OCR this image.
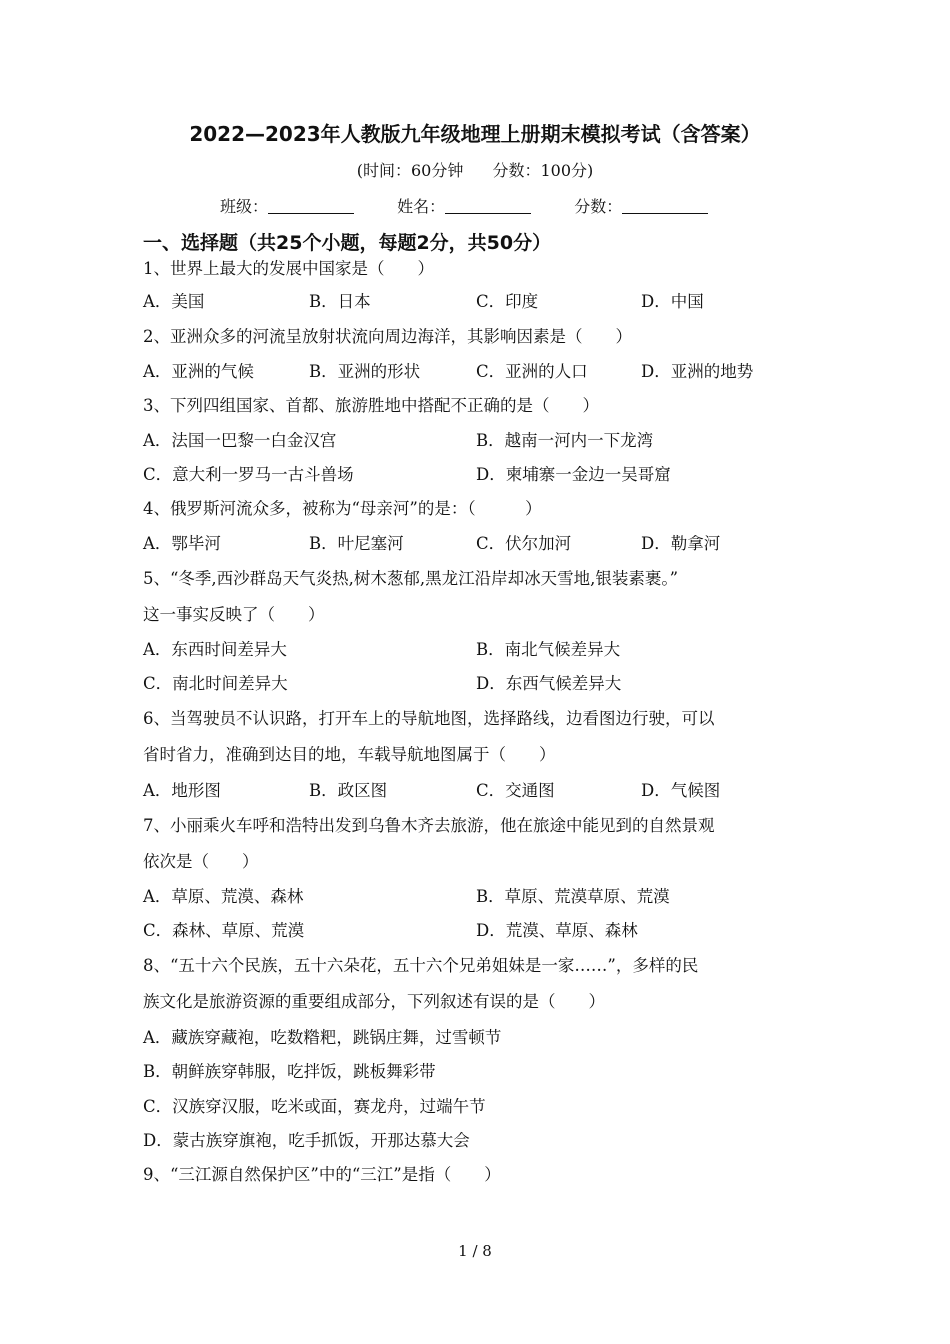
2022—2023年人教版九年级地理上册期末模拟考试（含答案）
(时间：60分钟 分数：100分)
班级：	姓名：	分数：
一、选择题（共25个小题，每题2分，共50分）
1、世界上最大的发展中国家是（　　）
A．美国	B．日本	C．印度	D．中国
2、亚洲众多的河流呈放射状流向周边海洋，其影响因素是（　　）
A．亚洲的气候	B．亚洲的形状	C．亚洲的人口	D．亚洲的地势
3、下列四组国家、首都、旅游胜地中搭配不正确的是（　　）
A．法国一巴黎一白金汉宫	B．越南一河内一下龙湾
C．意大利一罗马一古斗兽场	D．柬埔寨一金边一吴哥窟
4、俄罗斯河流众多，被称为“母亲河”的是：（　　　）
A．鄂毕河	B．叶尼塞河	C．伏尔加河	D．勒拿河
5、“冬季,西沙群岛天气炎热,树木葱郁,黑龙江沿岸却冰天雪地,银装素裹。”
这一事实反映了（　　）
A．东西时间差异大	B．南北气候差异大
C．南北时间差异大	D．东西气候差异大
6、当驾驶员不认识路，打开车上的导航地图，选择路线，边看图边行驶，可以
省时省力，准确到达目的地，车载导航地图属于（　　）
A．地形图	B．政区图	C．交通图	D．气候图
7、小丽乘火车呼和浩特出发到乌鲁木齐去旅游，他在旅途中能见到的自然景观
依次是（　　）
A．草原、荒漠、森林	B．草原、荒漠草原、荒漠
C．森林、草原、荒漠	D．荒漠、草原、森林
8、“五十六个民族，五十六朵花，五十六个兄弟姐妹是一家……”，多样的民
族文化是旅游资源的重要组成部分，下列叙述有误的是（　　）
A．藏族穿藏袍，吃数糌粑，跳锅庄舞，过雪顿节
B．朝鲜族穿韩服，吃拌饭，跳板舞彩带
C．汉族穿汉服，吃米或面，赛龙舟，过端午节
D．蒙古族穿旗袍，吃手抓饭，开那达慕大会
9、“三江源自然保护区”中的“三江”是指（　　）
1 / 8
